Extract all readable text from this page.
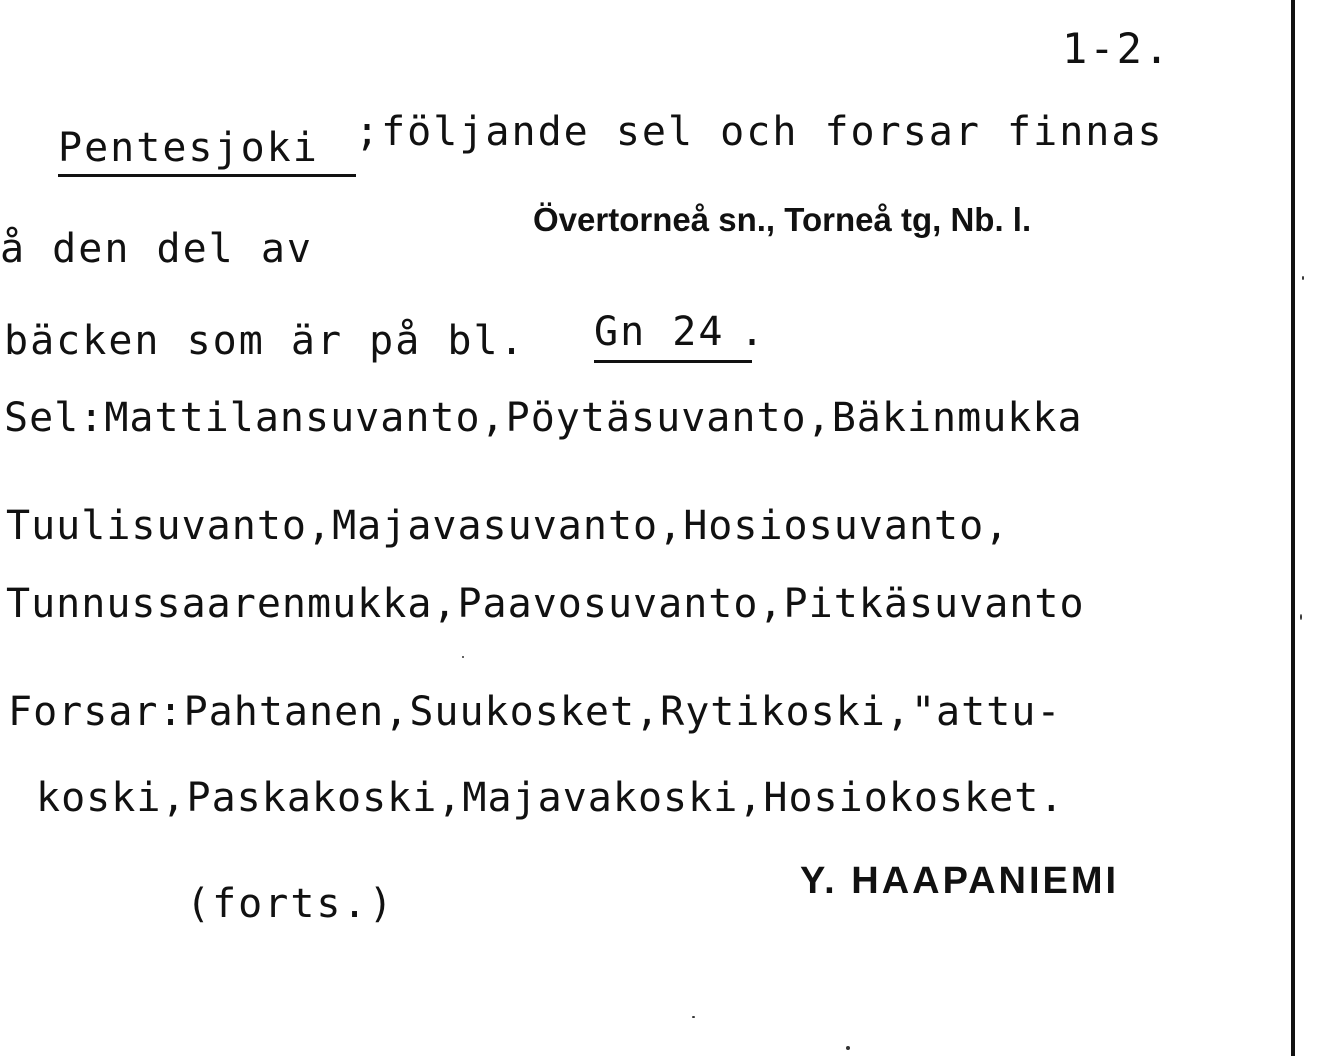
1-2.
Pentesjoki ;följande sel och forsar finnas
å den del av
Övertorneå sn., Torneå tg, Nb. l.
bäcken som är på bl. Gn 24 .
Sel:Mattilansuvanto,Pöytäsuvanto,Bäkinmukka
Tuulisuvanto,Majavasuvanto,Hosiosuvanto,
Tunnussaarenmukka,Paavosuvanto,Pitkäsuvanto
Forsar:Pahtanen,Suukosket,Rytikoski,"attu-
koski,Paskakoski,Majavakoski,Hosiokosket.
(forts.)	Y. HAAPANIEMI
